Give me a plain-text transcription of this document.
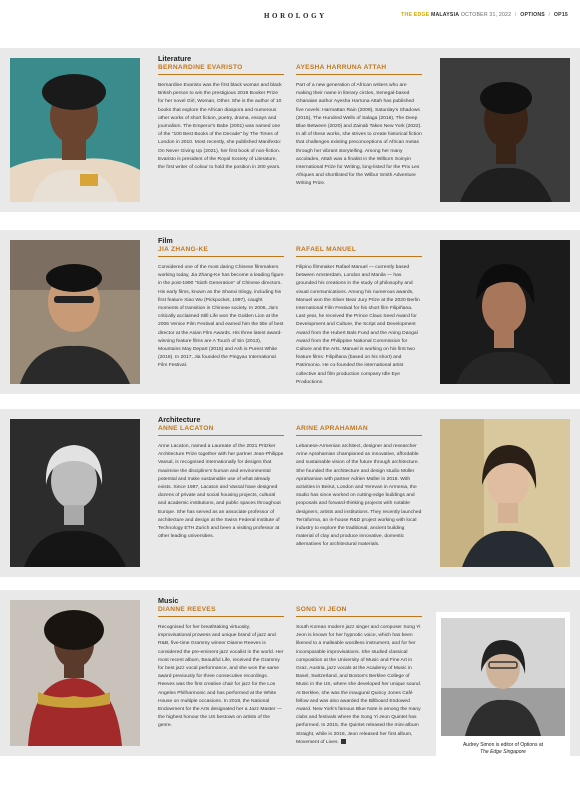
HOROLOGY	THE EDGE MALAYSIA OCTOBER 31, 2022 / OPTIONS / OP15
Literature
BERNARDINE EVARISTO
Bernardine Evaristo was the first black woman and black British person to win the prestigious 2019 Booker Prize for her novel Girl, Woman, Other. She is the author of 10 books that explore the African diaspora and numerous other works of short fiction, poetry, drama, essays and journalism. The Emperor's Babe (2001) was named one of the "100 Best Books of the Decade" by The Times of London in 2010. Most recently, she published Manifesto: On Never Giving Up (2021), her first book of non-fiction. Evaristo is president of the Royal Society of Literature, the first writer of colour to hold the position in 200 years.
AYESHA HARRUNA ATTAH
Part of a new generation of African writers who are making their name in literary circles, Senegal-based Ghanaian author Ayesha Harruna Attah has published five novels: Harmattan Rain (2009), Saturday's Shadows (2015), The Hundred Wells of Salaga (2018), The Deep Blue Between (2020) and Zainab Takes New York (2022). In all of these works, she strives to create historical fiction that challenges existing preconceptions of African metas through her vibrant storytelling. Among her many accolades, Attah was a finalist in the Wilborn Soinyin International Prize for Writing, long-listed for the Prix Les Afriques and shortlisted for the Wilbur Smith Adventure Writing Prize.
Film
JIA ZHANG-KE
Considered one of the most daring Chinese filmmakers working today, Jia Zhang-Ke has become a leading figure in the post-1990 "Sixth Generation" of Chinese directors. His early films, known as the Shanxi trilogy, including his first feature Xiao Wu (Pickpocket, 1997), caught moments of transition in Chinese society. In 2006, Jia's critically acclaimed Still Life won the Golden Lion at the 2006 Venice Film Festival and earned him the title of best director at the Asian Film Awards. His three latest award-winning feature films are A Touch of Sin (2013), Mountains May Depart (2015) and Ash is Purest White (2018). In 2017, Jia founded the Pingyao International Film Festival.
RAFAEL MANUEL
Filipino filmmaker Rafael Manuel — currently based between Amsterdam, London and Manila — has grounded his creations in the study of philosophy and visual communications. Among his numerous awards, Manuel won the Silver Bear Jury Prize at the 2020 Berlin International Film Festival for his short film Filipiñana. Last year, he received the Prince Claus Seed Award for Development and Culture, the Script and Development Award from the Hubert Bals Fund and the Aning Dangal Award from the Philippine National Commission for Culture and the Arts. Manuel is working on his first two feature films: Filipiñana (based on his short) and Patrimonio. He co-founded the international artist collective and film production company Idle Eye Productions.
Architecture
ANNE LACATON
Anne Lacaton, named a Laureate of the 2021 Pritzker Architecture Prize together with her partner Jean-Philippe Vassal, is recognised internationally for designs that maximise the discipline's human and environmental potential and make sustainable use of what already exists. Since 1987, Lacaton and Vassal have designed dozens of private and social housing projects, cultural and academic institutions, and public spaces throughout Europe. She has served as an associate professor of architecture and design at the Swiss Federal Institute of Technology ETH Zurich and been a visiting professor at other leading universities.
ARINE APRAHAMIAN
Lebanese-Armenian architect, designer and researcher Arine Aprahamian championed an innovative, affordable and sustainable vision of the future through architecture. She founded the architecture and design studio Müller Aprahamian with partner Adrien Müller in 2018. With activities in Beirut, London and Yerevan in Armenia, the studio has since worked on cutting-edge buildings and proposals and forward-thinking projects with notable designers, artists and institutions. They recently launched Terraforma, an in-house R&D project working with local industry to explore the traditional, ancient building material of clay and produce innovative, domestic alternatives for architectural materials.
Music
DIANNE REEVES
Recognised for her breathtaking virtuosity, improvisational prowess and unique brand of jazz and R&B, five-time Grammy winner Dianne Reeves is considered the pre-eminent jazz vocalist in the world. Her most recent album, Beautiful Life, received the Grammy for best jazz vocal performance, and she won the same award previously for three consecutive recordings. Reeves was the first creative chair for jazz for the Los Angeles Philharmonic and has performed at the White House on multiple occasions. In 2018, the National Endowment for the Arts designated her a Jazz Master — the highest honour the US bestows on artists of the genre.
SONG YI JEON
South Korean modern jazz singer and composer Song Yi Jeon is known for her hypnotic voice, which has been likened to a malleable wordless instrument, and for her incomparable improvisations. She studied classical composition at the University of Music and Fine Art in Graz, Austria, jazz vocals at the Academy of Music in Basel, Switzerland, and Boston's Berklee College of Music in the US, where she developed her unique sound. At Berklee, she was the inaugural Quincy Jones Café fellow and was also awarded the Billboard Endowed Award. New York's famous Blue Note is among the many clubs and festivals where the Song Yi Jeon Quintet has performed. In 2015, the Quintet released the mini-album Straight, while in 2018, Jeon released her first album, Movement of Lives.	Audrey Simon is editor of Options at
The Edge Singapore
